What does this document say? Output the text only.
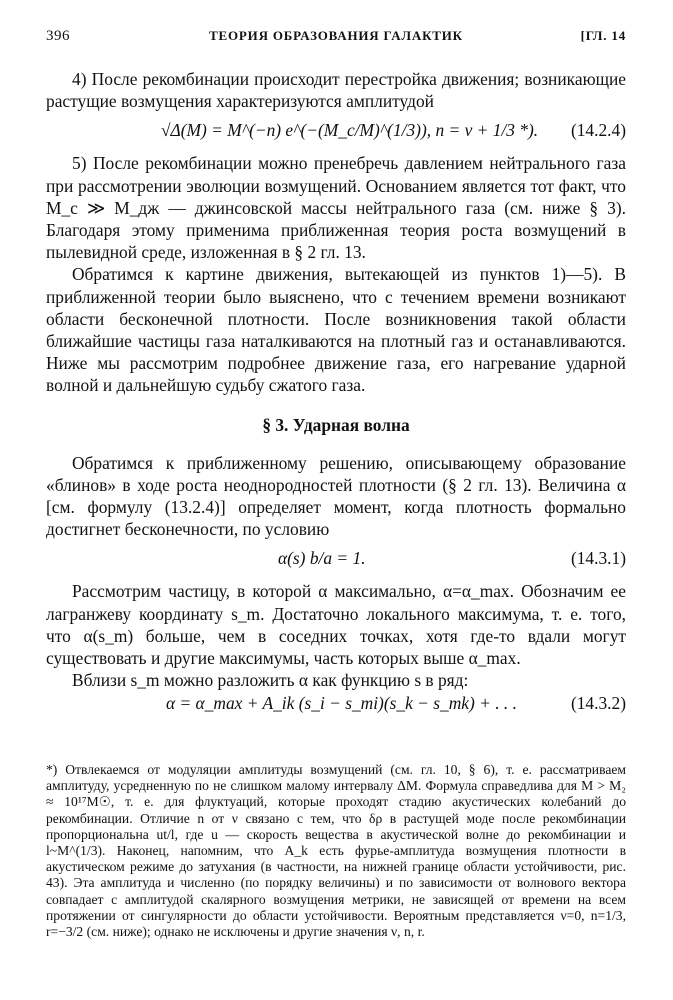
396	ТЕОРИЯ ОБРАЗОВАНИЯ ГАЛАКТИК	[ГЛ. 14

4) После рекомбинации происходит перестройка движения; возникающие растущие возмущения характеризуются амплитудой

√Δ(M) = M^(−n) e^(−(M_c/M)^(1/3)), n = ν + 1/3 *). (14.2.4)

5) После рекомбинации можно пренебречь давлением нейтрального газа при рассмотрении эволюции возмущений. Основанием является тот факт, что M_c ≫ M_дж — джинсовской массы нейтрального газа (см. ниже § 3). Благодаря этому применима приближенная теория роста возмущений в пылевидной среде, изложенная в § 2 гл. 13.

Обратимся к картине движения, вытекающей из пунктов 1)—5). В приближенной теории было выяснено, что с течением времени возникают области бесконечной плотности. После возникновения такой области ближайшие частицы газа наталкиваются на плотный газ и останавливаются. Ниже мы рассмотрим подробнее движение газа, его нагревание ударной волной и дальнейшую судьбу сжатого газа.

§ 3. Ударная волна

Обратимся к приближенному решению, описывающему образование «блинов» в ходе роста неоднородностей плотности (§ 2 гл. 13). Величина α [см. формулу (13.2.4)] определяет момент, когда плотность формально достигнет бесконечности, по условию

α(s) b/a = 1.	(14.3.1)

Рассмотрим частицу, в которой α максимально, α=α_max. Обозначим ее лагранжеву координату s_m. Достаточно локального максимума, т. е. того, что α(s_m) больше, чем в соседних точках, хотя где-то вдали могут существовать и другие максимумы, часть которых выше α_max.

Вблизи s_m можно разложить α как функцию s в ряд:

α = α_max + A_ik (s_i − s_mi)(s_k − s_mk) + . . .	(14.3.2)

*) Отвлекаемся от модуляции амплитуды возмущений (см. гл. 10, § 6), т. е. рассматриваем амплитуду, усредненную по не слишком малому интервалу ΔM. Формула справедлива для M > M₂ ≈ 10¹⁷M☉, т. е. для флуктуаций, которые проходят стадию акустических колебаний до рекомбинации. Отличие n от ν связано с тем, что δρ в растущей моде после рекомбинации пропорциональна ut/l, где u — скорость вещества в акустической волне до рекомбинации и l~M^(1/3). Наконец, напомним, что A_k есть фурье-амплитуда возмущения плотности в акустическом режиме до затухания (в частности, на нижней границе области устойчивости, рис. 43). Эта амплитуда и численно (по порядку величины) и по зависимости от волнового вектора совпадает с амплитудой скалярного возмущения метрики, не зависящей от времени на всем протяжении от сингулярности до области устойчивости. Вероятным представляется ν=0, n=1/3, r=−3/2 (см. ниже); однако не исключены и другие значения ν, n, r.
